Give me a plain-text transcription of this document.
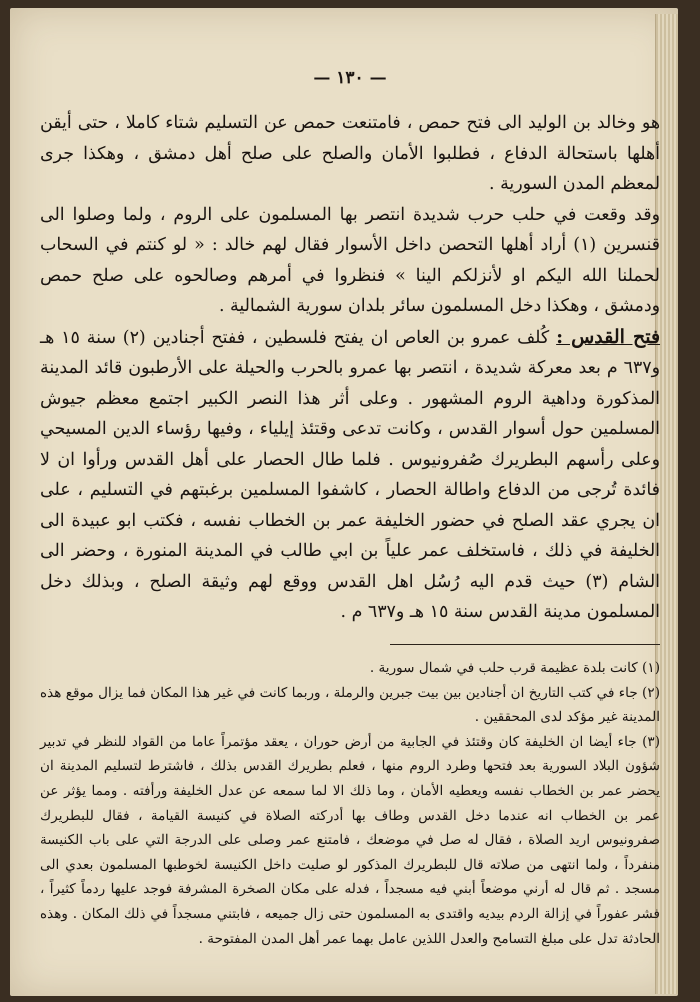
— ١٣٠ —

هو وخالد بن الوليد الى فتح حمص ، فامتنعت حمص عن التسليم شتاء كاملا ، حتى أيقن أهلها باستحالة الدفاع ، فطلبوا الأمان والصلح على صلح أهل دمشق ، وهكذا جرى لمعظم المدن السورية .

وقد وقعت في حلب حرب شديدة انتصر بها المسلمون على الروم ، ولما وصلوا الى قنسرين (١) أراد أهلها التحصن داخل الأسوار فقال لهم خالد : « لو كنتم في السحاب لحملنا الله اليكم او لأنزلكم الينا » فنظروا في أمرهم وصالحوه على صلح حمص ودمشق ، وهكذا دخل المسلمون سائر بلدان سورية الشمالية .

فتح القدس : كُلف عمرو بن العاص ان يفتح فلسطين ، ففتح أجنادين (٢) سنة ١٥ هـ و٦٣٧ م بعد معركة شديدة ، انتصر بها عمرو بالحرب والحيلة على الأرطبون قائد المدينة المذكورة وداهية الروم المشهور . وعلى أثر هذا النصر الكبير اجتمع معظم جيوش المسلمين حول أسوار القدس ، وكانت تدعى وقتئذ إيلياء ، وفيها رؤساء الدين المسيحي وعلى رأسهم البطريرك صُفرونيوس . فلما طال الحصار على أهل القدس ورأوا ان لا فائدة تُرجى من الدفاع واطالة الحصار ، كاشفوا المسلمين برغبتهم في التسليم ، على ان يجري عقد الصلح في حضور الخليفة عمر بن الخطاب نفسه ، فكتب ابو عبيدة الى الخليفة في ذلك ، فاستخلف عمر علياً بن ابي طالب في المدينة المنورة ، وحضر الى الشام (٣) حيث قدم اليه رُسُل اهل القدس ووقع لهم وثيقة الصلح ، وبذلك دخل المسلمون مدينة القدس سنة ١٥ هـ و٦٣٧ م .

(١) كانت بلدة عظيمة قرب حلب في شمال سورية .

(٢) جاء في كتب التاريخ ان أجنادين بين بيت جبرين والرملة ، وربما كانت في غير هذا المكان فما يزال موقع هذه المدينة غير مؤكد لدى المحققين .

(٣) جاء أيضا ان الخليفة كان وقتئذ في الجابية من أرض حوران ، يعقد مؤتمراً عاما من القواد للنظر في تدبير شؤون البلاد السورية بعد فتحها وطرد الروم منها ، فعلم بطريرك القدس بذلك ، فاشترط لتسليم المدينة ان يحضر عمر بن الخطاب نفسه ويعطيه الأمان ، وما ذلك الا لما سمعه عن عدل الخليفة ورأفته . ومما يؤثر عن عمر بن الخطاب انه عندما دخل القدس وطاف بها أدركته الصلاة في كنيسة القيامة ، فقال للبطريرك صفرونيوس اريد الصلاة ، فقال له صل في موضعك ، فامتنع عمر وصلى على الدرجة التي على باب الكنيسة منفرداً ، ولما انتهى من صلاته قال للبطريرك المذكور لو صليت داخل الكنيسة لخوطبها المسلمون بعدي الى مسجد . ثم قال له أرني موضعاً أبني فيه مسجداً ، فدله على مكان الصخرة المشرفة فوجد عليها ردماً كثيراً ، فشر عفوراً في إزالة الردم بيديه واقتدى به المسلمون حتى زال جميعه ، فابتني مسجداً في ذلك المكان . وهذه الحادثة تدل على مبلغ التسامح والعدل اللذين عامل بهما عمر أهل المدن المفتوحة .
